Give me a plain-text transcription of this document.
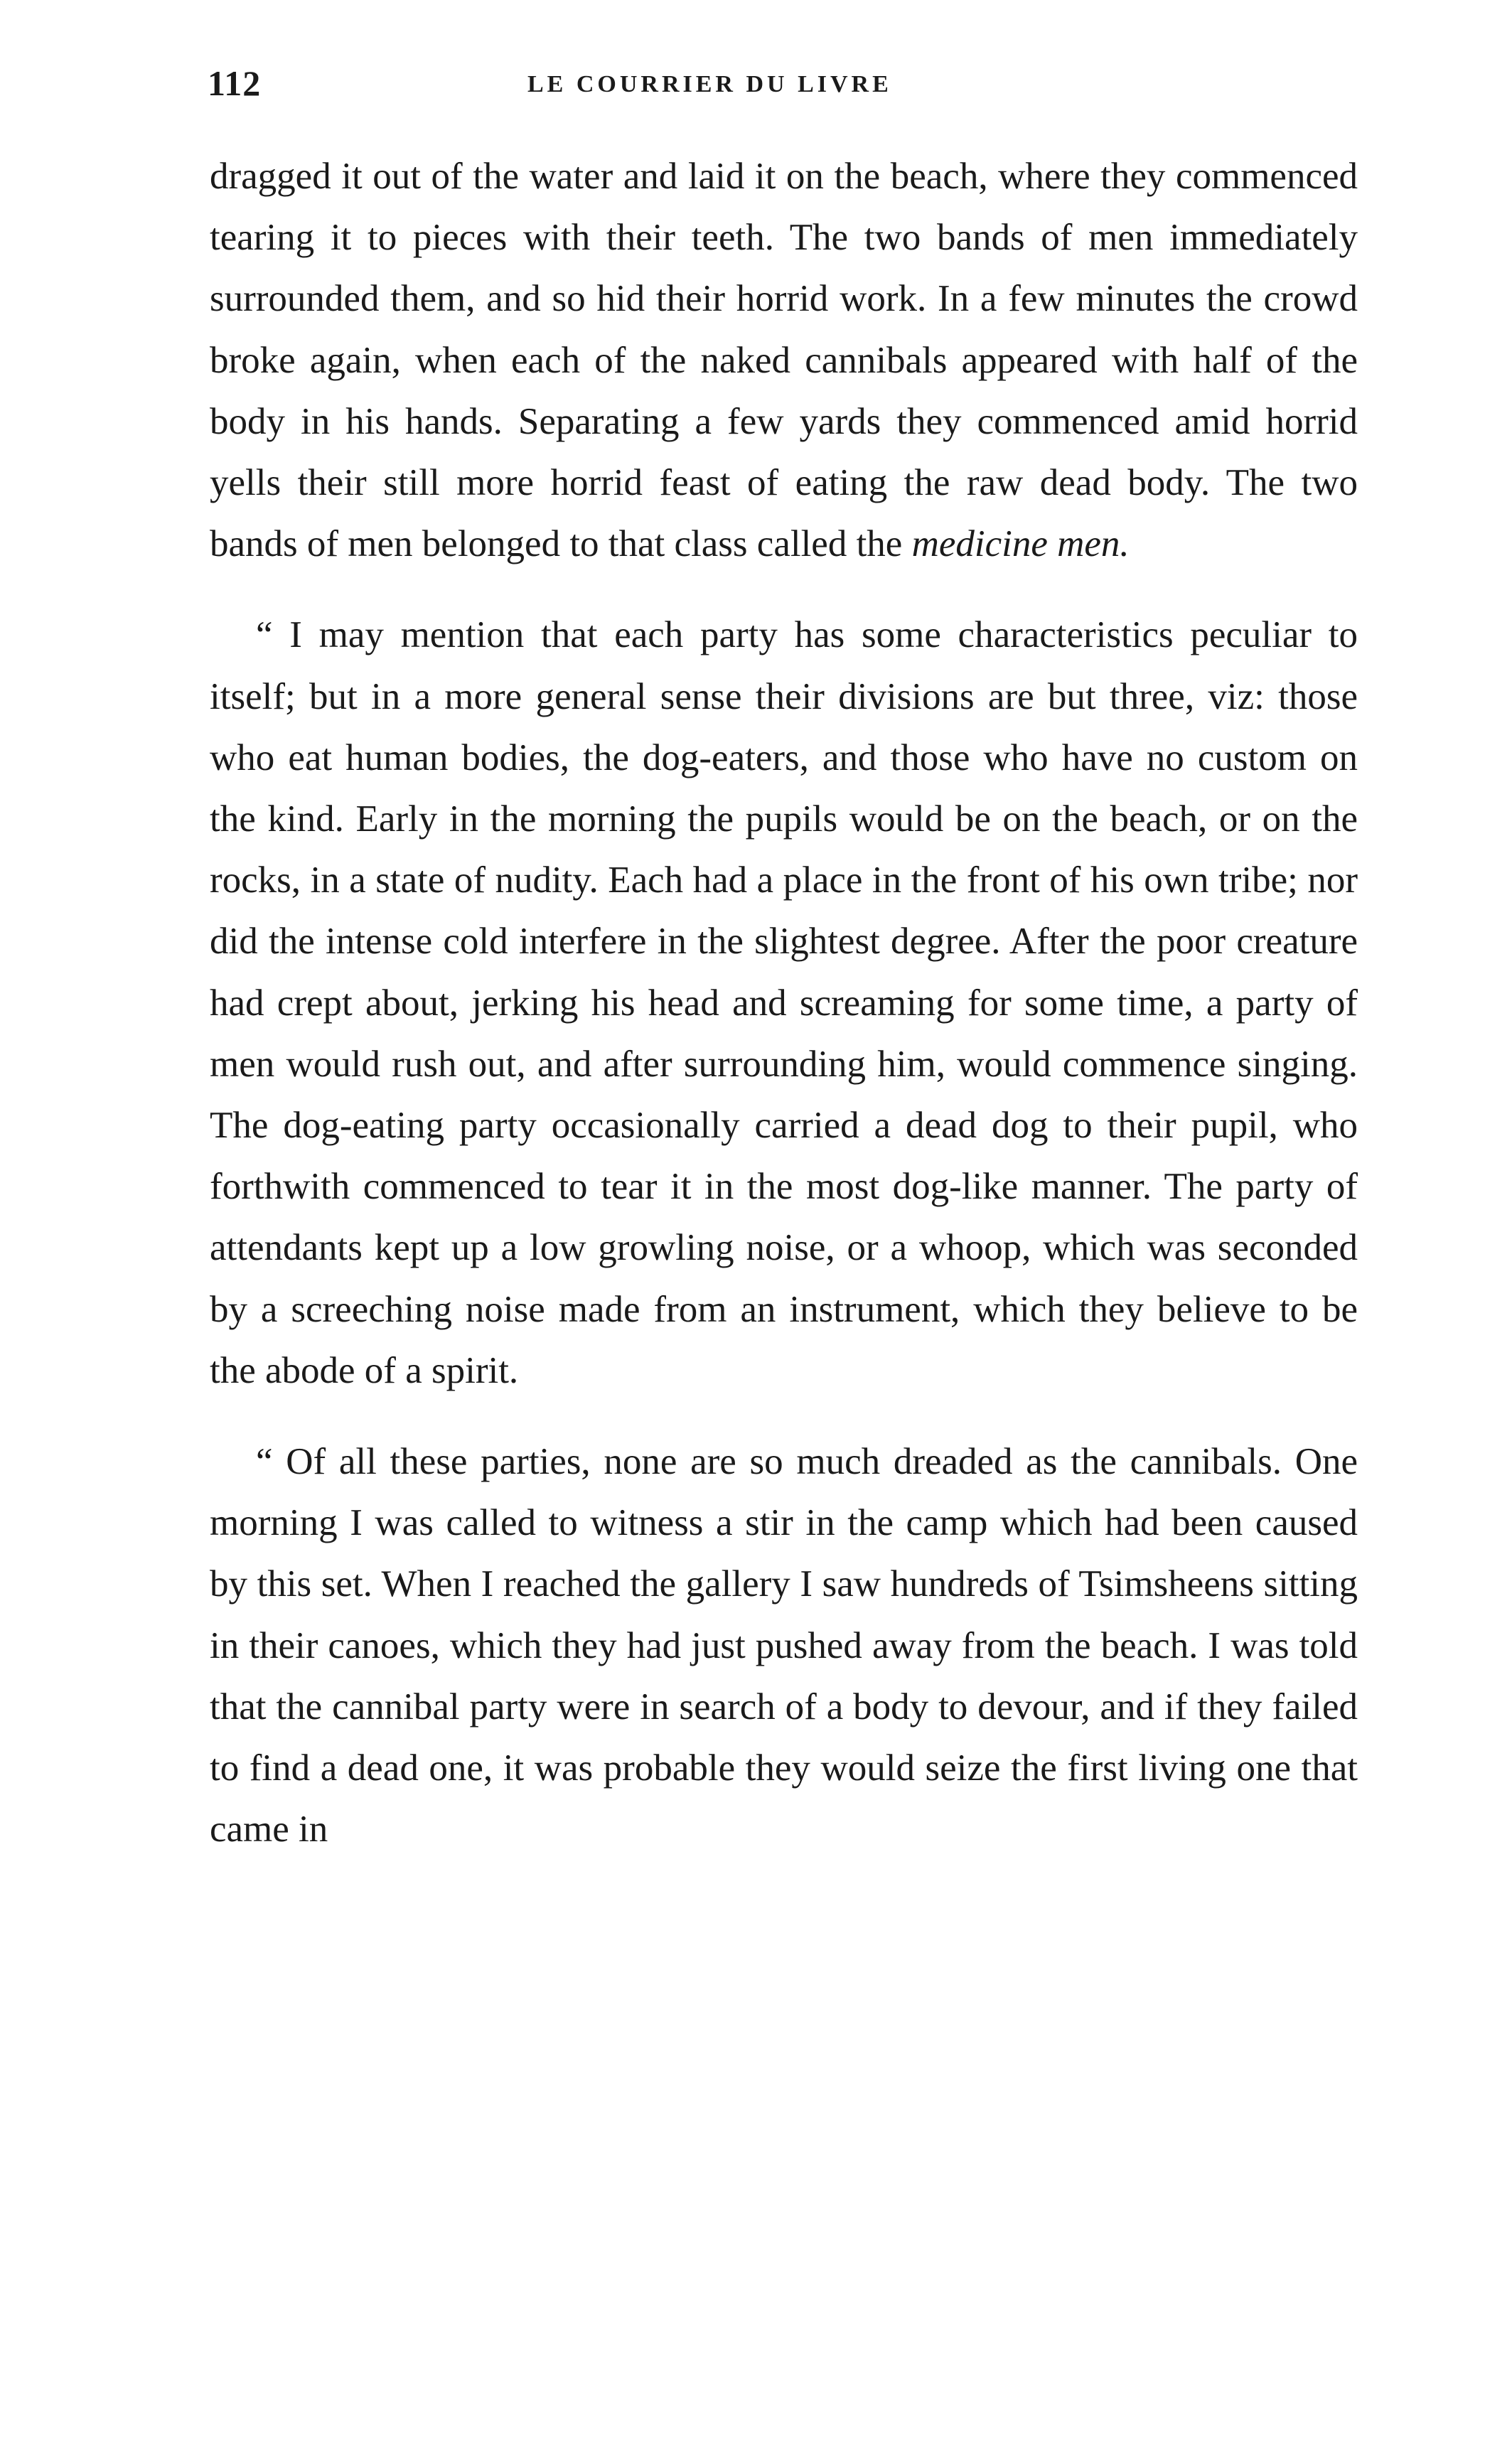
112	LE COURRIER DU LIVRE

dragged it out of the water and laid it on the beach, where they commenced tearing it to pieces with their teeth. The two bands of men immediately surrounded them, and so hid their horrid work. In a few minutes the crowd broke again, when each of the naked cannibals appeared with half of the body in his hands. Separating a few yards they commenced amid horrid yells their still more horrid feast of eating the raw dead body. The two bands of men belonged to that class called the medicine men.

“ I may mention that each party has some characteristics peculiar to itself; but in a more general sense their divisions are but three, viz: those who eat human bodies, the dog-eaters, and those who have no custom on the kind. Early in the morning the pupils would be on the beach, or on the rocks, in a state of nudity. Each had a place in the front of his own tribe; nor did the intense cold interfere in the slightest degree. After the poor creature had crept about, jerking his head and screaming for some time, a party of men would rush out, and after surrounding him, would commence singing. The dog-eating party occasionally carried a dead dog to their pupil, who forthwith commenced to tear it in the most dog-like manner. The party of attendants kept up a low growling noise, or a whoop, which was seconded by a screeching noise made from an instrument, which they believe to be the abode of a spirit.

“ Of all these parties, none are so much dreaded as the cannibals. One morning I was called to witness a stir in the camp which had been caused by this set. When I reached the gallery I saw hundreds of Tsimsheens sitting in their canoes, which they had just pushed away from the beach. I was told that the cannibal party were in search of a body to devour, and if they failed to find a dead one, it was probable they would seize the first living one that came in
